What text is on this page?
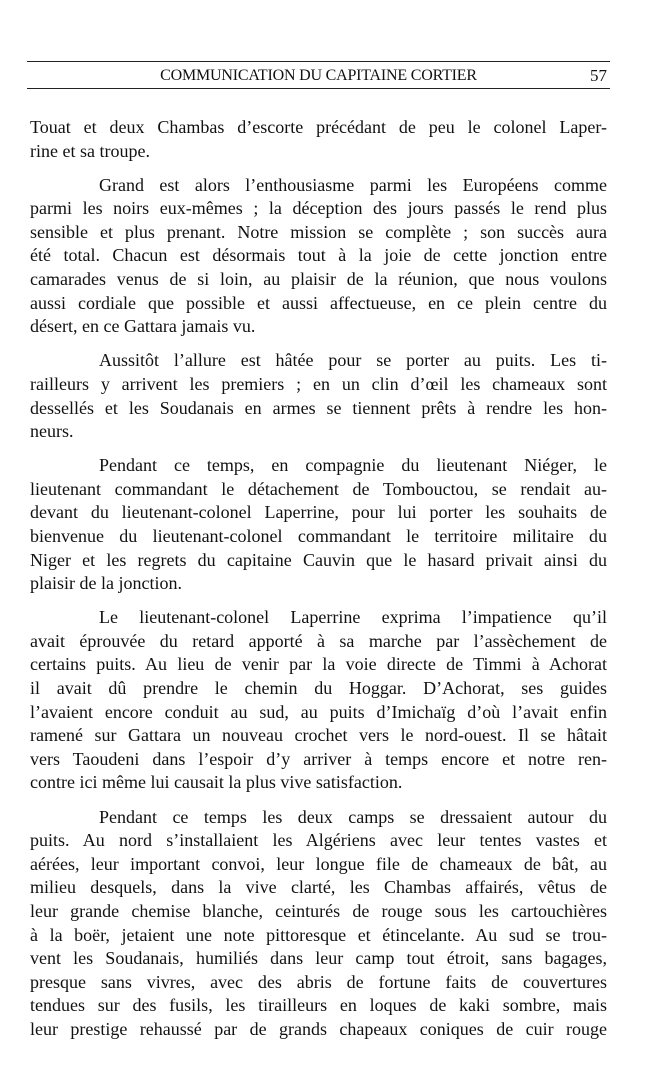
COMMUNICATION DU CAPITAINE CORTIER	57
Touat et deux Chambas d’escorte précédant de peu le colonel Laper-
rine et sa troupe.
Grand est alors l’enthousiasme parmi les Européens comme
parmi les noirs eux-mêmes ; la déception des jours passés le rend plus
sensible et plus prenant. Notre mission se complète ; son succès aura
été total. Chacun est désormais tout à la joie de cette jonction entre
camarades venus de si loin, au plaisir de la réunion, que nous voulons
aussi cordiale que possible et aussi affectueuse, en ce plein centre du
désert, en ce Gattara jamais vu.
Aussitôt l’allure est hâtée pour se porter au puits. Les ti-
railleurs y arrivent les premiers ; en un clin d’œil les chameaux sont
dessellés et les Soudanais en armes se tiennent prêts à rendre les hon-
neurs.
Pendant ce temps, en compagnie du lieutenant Niéger, le
lieutenant commandant le détachement de Tombouctou, se rendait au-
devant du lieutenant-colonel Laperrine, pour lui porter les souhaits de
bienvenue du lieutenant-colonel commandant le territoire militaire du
Niger et les regrets du capitaine Cauvin que le hasard privait ainsi du
plaisir de la jonction.
Le lieutenant-colonel Laperrine exprima l’impatience qu’il
avait éprouvée du retard apporté à sa marche par l’assèchement de
certains puits. Au lieu de venir par la voie directe de Timmi à Achorat
il avait dû prendre le chemin du Hoggar. D’Achorat, ses guides
l’avaient encore conduit au sud, au puits d’Imichaïg d’où l’avait enfin
ramené sur Gattara un nouveau crochet vers le nord-ouest. Il se hâtait
vers Taoudeni dans l’espoir d’y arriver à temps encore et notre ren-
contre ici même lui causait la plus vive satisfaction.
Pendant ce temps les deux camps se dressaient autour du
puits. Au nord s’installaient les Algériens avec leur tentes vastes et
aérées, leur important convoi, leur longue file de chameaux de bât, au
milieu desquels, dans la vive clarté, les Chambas affairés, vêtus de
leur grande chemise blanche, ceinturés de rouge sous les cartouchières
à la boër, jetaient une note pittoresque et étincelante. Au sud se trou-
vent les Soudanais, humiliés dans leur camp tout étroit, sans bagages,
presque sans vivres, avec des abris de fortune faits de couvertures
tendues sur des fusils, les tirailleurs en loques de kaki sombre, mais
leur prestige rehaussé par de grands chapeaux coniques de cuir rouge
